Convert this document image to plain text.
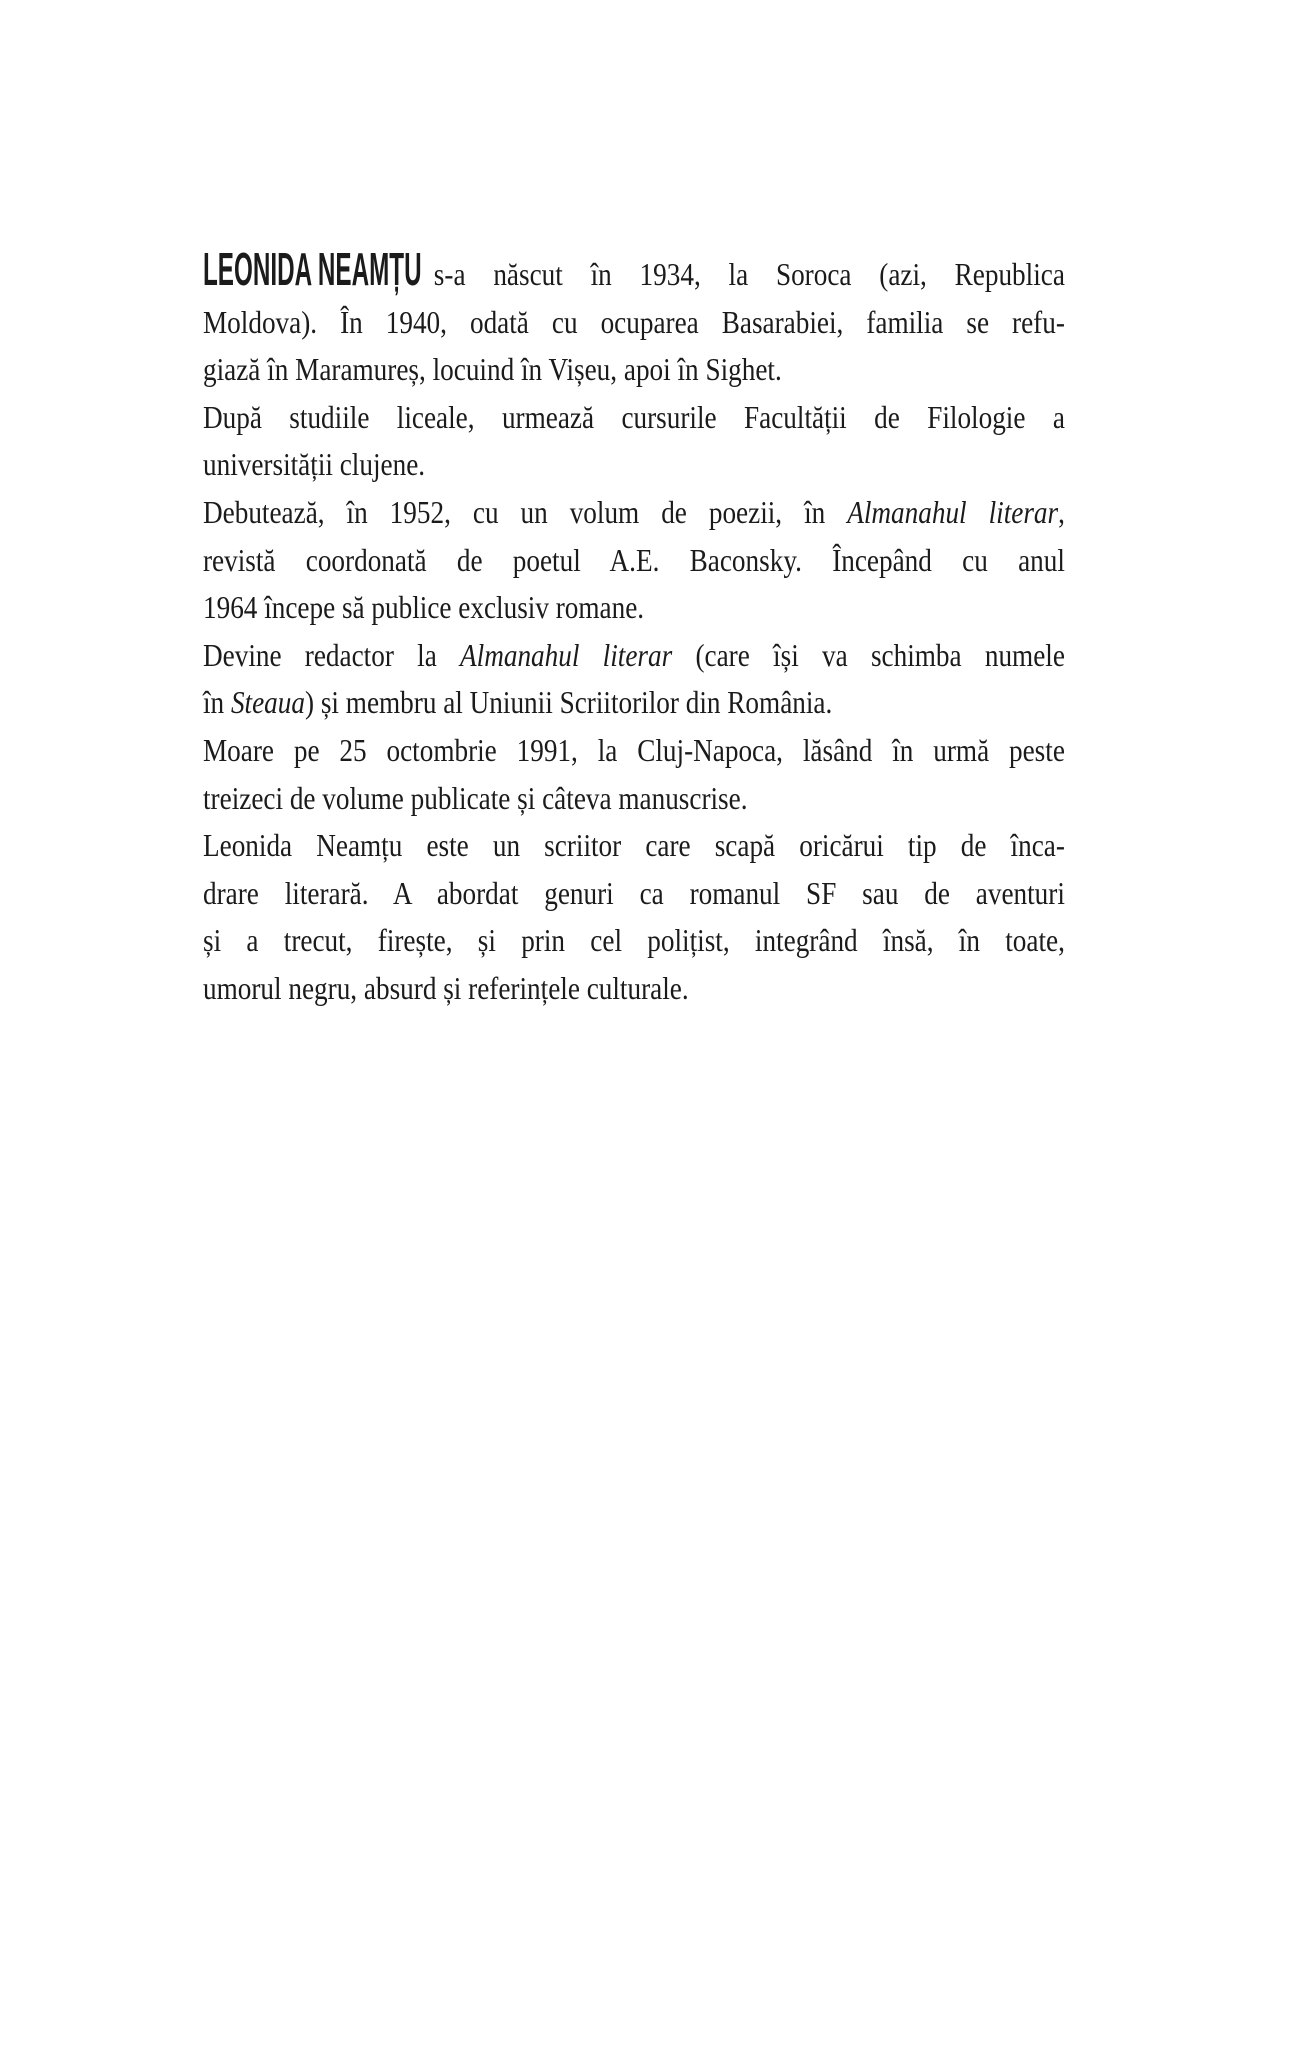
LEONIDA NEAMȚU s-a născut în 1934, la Soroca (azi, Republica
Moldova). În 1940, odată cu ocuparea Basarabiei, familia se refu-
giază în Maramureș, locuind în Vișeu, apoi în Sighet.

După studiile liceale, urmează cursurile Facultății de Filologie a
universității clujene.

Debutează, în 1952, cu un volum de poezii, în Almanahul literar,
revistă coordonată de poetul A.E. Baconsky. Începând cu anul
1964 începe să publice exclusiv romane.

Devine redactor la Almanahul literar (care își va schimba numele
în Steaua) și membru al Uniunii Scriitorilor din România.

Moare pe 25 octombrie 1991, la Cluj-Napoca, lăsând în urmă peste
treizeci de volume publicate și câteva manuscrise.

Leonida Neamțu este un scriitor care scapă oricărui tip de înca-
drare literară. A abordat genuri ca romanul SF sau de aventuri
și a trecut, firește, și prin cel polițist, integrând însă, în toate,
umorul negru, absurd și referințele culturale.
